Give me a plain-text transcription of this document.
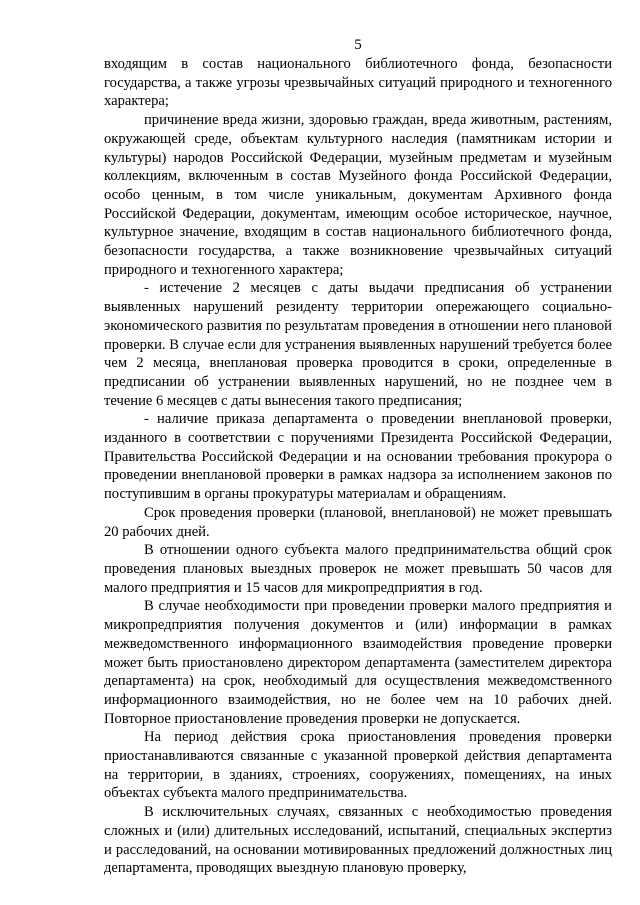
5

входящим в состав национального библиотечного фонда, безопасности государства, а также угрозы чрезвычайных ситуаций природного и техногенного характера;

причинение вреда жизни, здоровью граждан, вреда животным, растениям, окружающей среде, объектам культурного наследия (памятникам истории и культуры) народов Российской Федерации, музейным предметам и музейным коллекциям, включенным в состав Музейного фонда Российской Федерации, особо ценным, в том числе уникальным, документам Архивного фонда Российской Федерации, документам, имеющим особое историческое, научное, культурное значение, входящим в состав национального библиотечного фонда, безопасности государства, а также возникновение чрезвычайных ситуаций природного и техногенного характера;

- истечение 2 месяцев с даты выдачи предписания об устранении выявленных нарушений резиденту территории опережающего социально-экономического развития по результатам проведения в отношении него плановой проверки. В случае если для устранения выявленных нарушений требуется более чем 2 месяца, внеплановая проверка проводится в сроки, определенные в предписании об устранении выявленных нарушений, но не позднее чем в течение 6 месяцев с даты вынесения такого предписания;

- наличие приказа департамента о проведении внеплановой проверки, изданного в соответствии с поручениями Президента Российской Федерации, Правительства Российской Федерации и на основании требования прокурора о проведении внеплановой проверки в рамках надзора за исполнением законов по поступившим в органы прокуратуры материалам и обращениям.

Срок проведения проверки (плановой, внеплановой) не может превышать 20 рабочих дней.

В отношении одного субъекта малого предпринимательства общий срок проведения плановых выездных проверок не может превышать 50 часов для малого предприятия и 15 часов для микропредприятия в год.

В случае необходимости при проведении проверки малого предприятия и микропредприятия получения документов и (или) информации в рамках межведомственного информационного взаимодействия проведение проверки может быть приостановлено директором департамента (заместителем директора департамента) на срок, необходимый для осуществления межведомственного информационного взаимодействия, но не более чем на 10 рабочих дней. Повторное приостановление проведения проверки не допускается.

На период действия срока приостановления проведения проверки приостанавливаются связанные с указанной проверкой действия департамента на территории, в зданиях, строениях, сооружениях, помещениях, на иных объектах субъекта малого предпринимательства.

В исключительных случаях, связанных с необходимостью проведения сложных и (или) длительных исследований, испытаний, специальных экспертиз и расследований, на основании мотивированных предложений должностных лиц департамента, проводящих выездную плановую проверку,
